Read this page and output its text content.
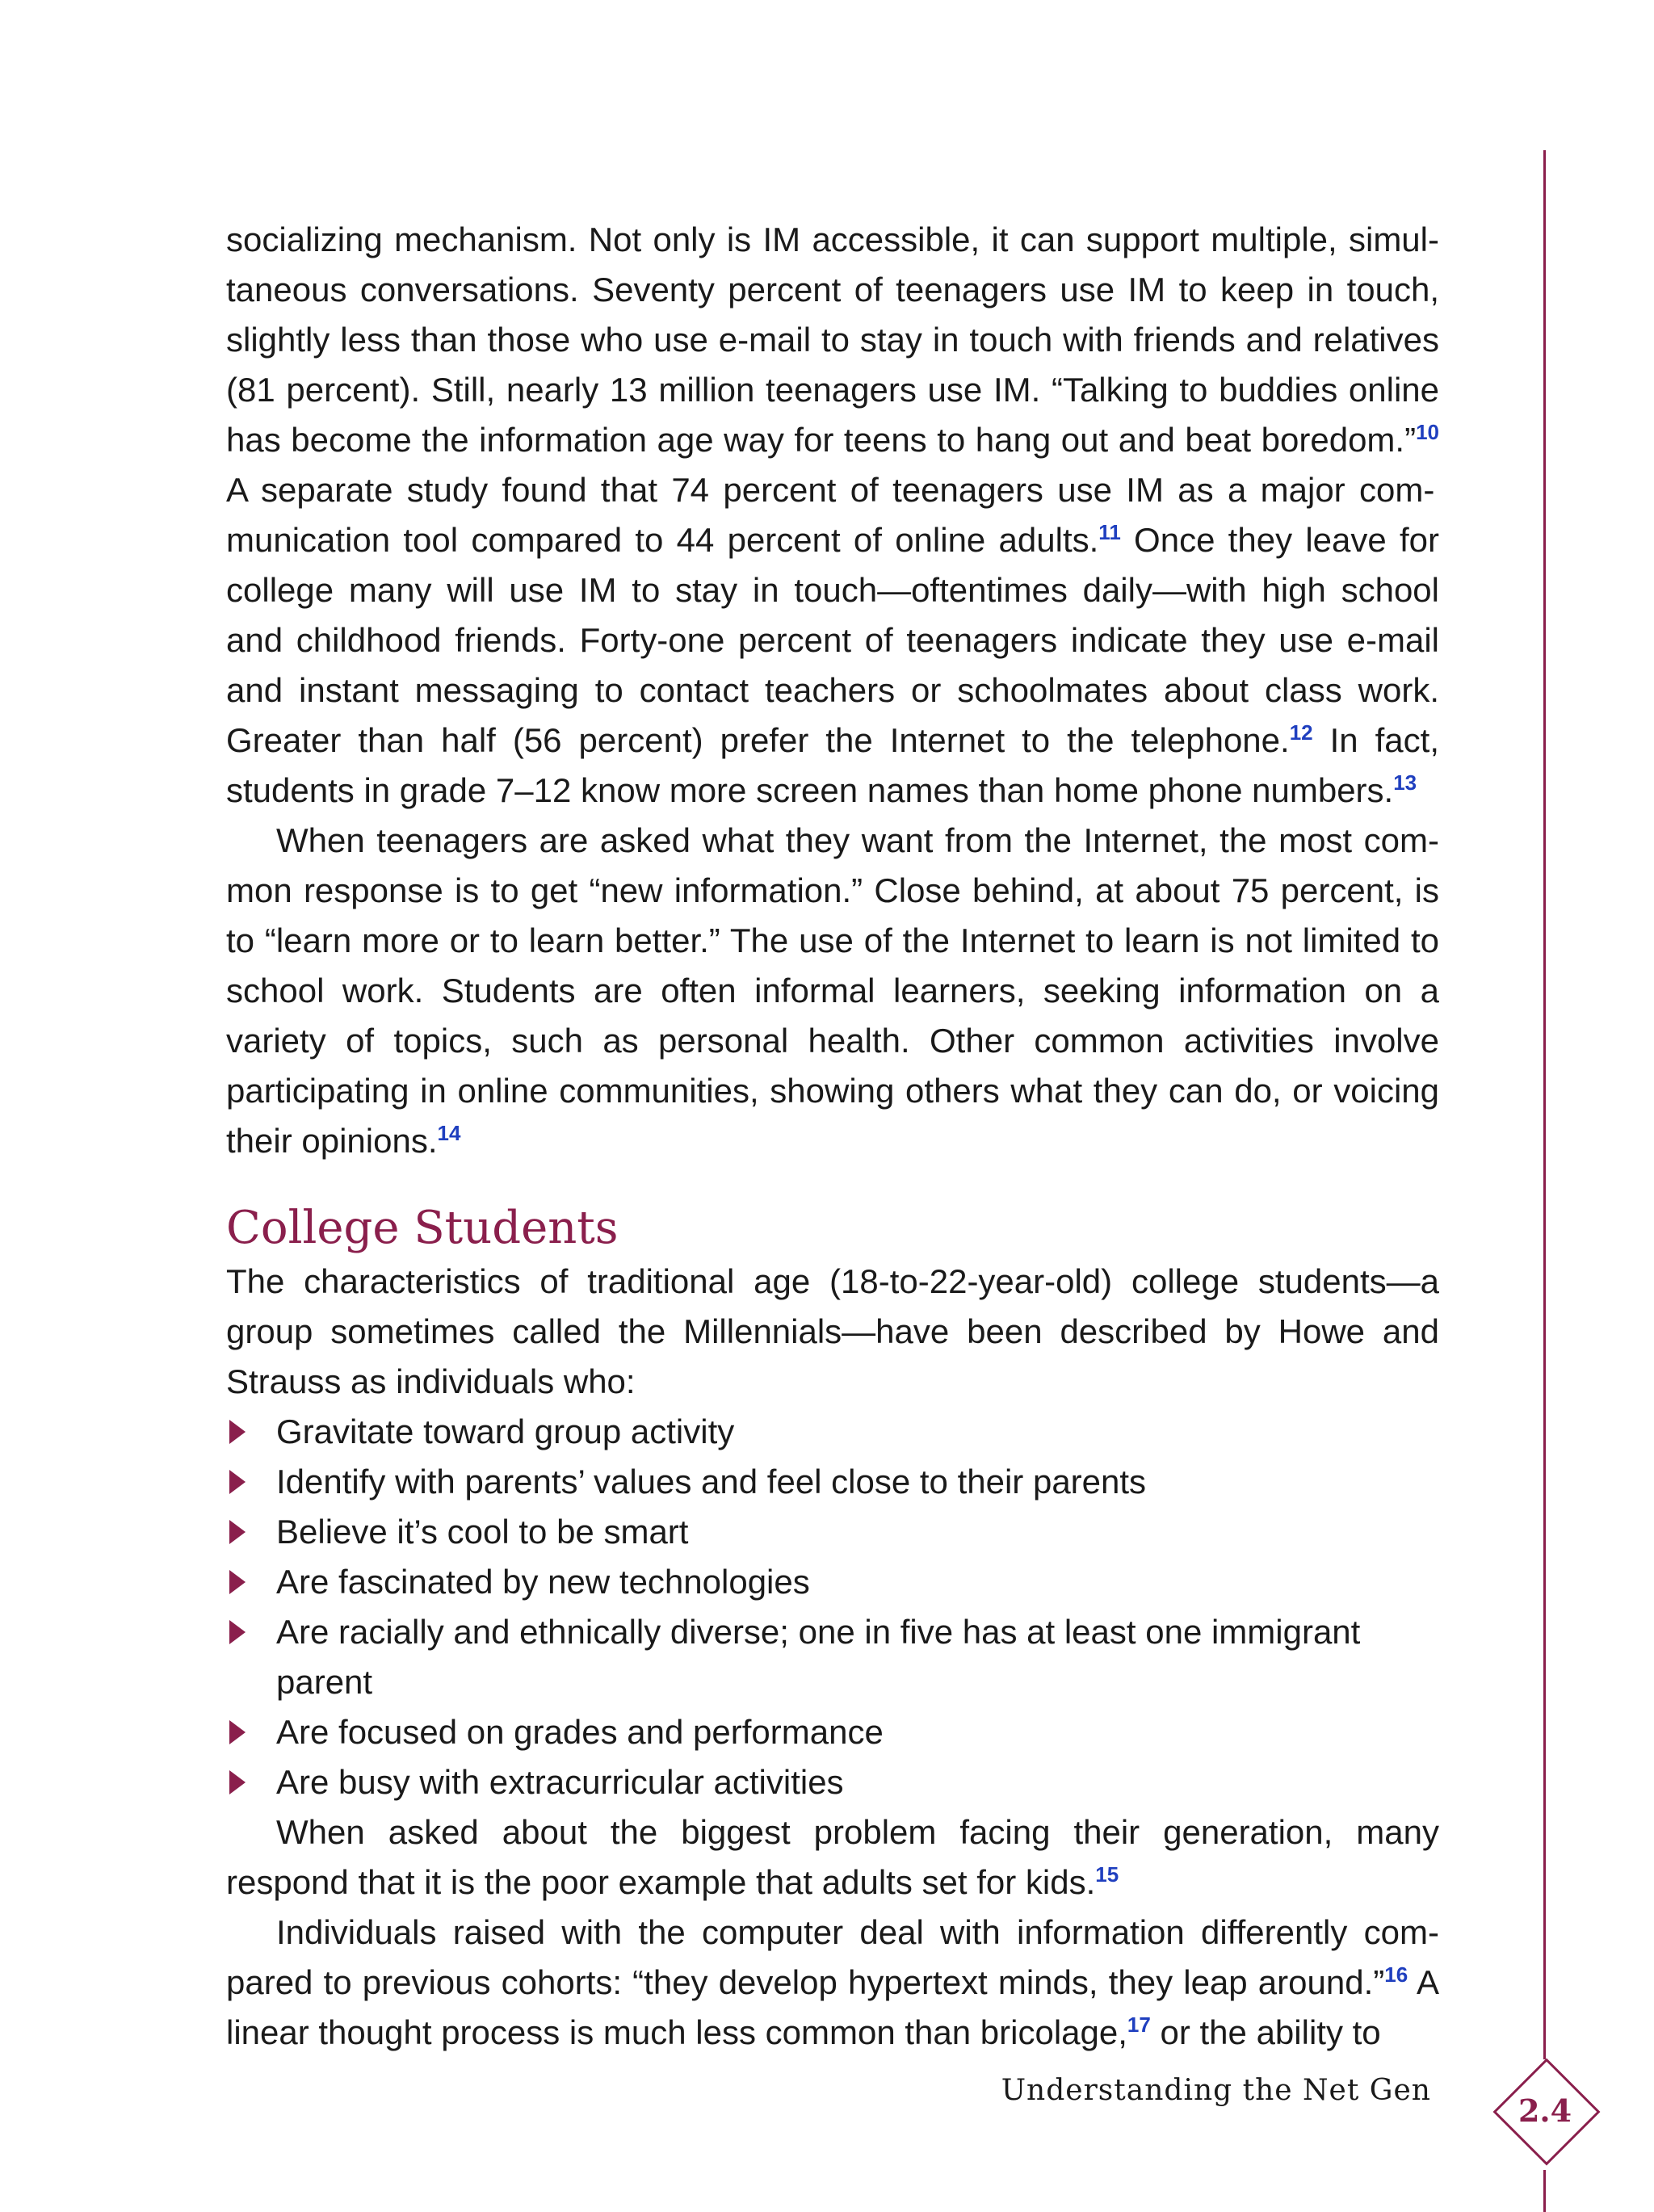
socializing mechanism. Not only is IM accessible, it can support multiple, simultaneous conversations. Seventy percent of teenagers use IM to keep in touch, slightly less than those who use e-mail to stay in touch with friends and relatives (81 percent). Still, nearly 13 million teenagers use IM. “Talking to buddies online has become the information age way for teens to hang out and beat boredom.”$^{10}$ A separate study found that 74 percent of teenagers use IM as a major communication tool compared to 44 percent of online adults.$^{11}$ Once they leave for college many will use IM to stay in touch—oftentimes daily—with high school and childhood friends. Forty-one percent of teenagers indicate they use e-mail and instant messaging to contact teachers or schoolmates about class work. Greater than half (56 percent) prefer the Internet to the telephone.$^{12}$ In fact, students in grade 7–12 know more screen names than home phone numbers.$^{13}$

When teenagers are asked what they want from the Internet, the most common response is to get “new information.” Close behind, at about 75 percent, is to “learn more or to learn better.” The use of the Internet to learn is not limited to school work. Students are often informal learners, seeking information on a variety of topics, such as personal health. Other common activities involve participating in online communities, showing others what they can do, or voicing their opinions.$^{14}$

College Students

The characteristics of traditional age (18-to-22-year-old) college students—a group sometimes called the Millennials—have been described by Howe and Strauss as individuals who:

Gravitate toward group activity
Identify with parents’ values and feel close to their parents
Believe it’s cool to be smart
Are fascinated by new technologies
Are racially and ethnically diverse; one in five has at least one immigrant parent
Are focused on grades and performance
Are busy with extracurricular activities

When asked about the biggest problem facing their generation, many respond that it is the poor example that adults set for kids.$^{15}$

Individuals raised with the computer deal with information differently compared to previous cohorts: “they develop hypertext minds, they leap around.”$^{16}$ A linear thought process is much less common than bricolage,$^{17}$ or the ability to

Understanding the Net Gen
2.4
